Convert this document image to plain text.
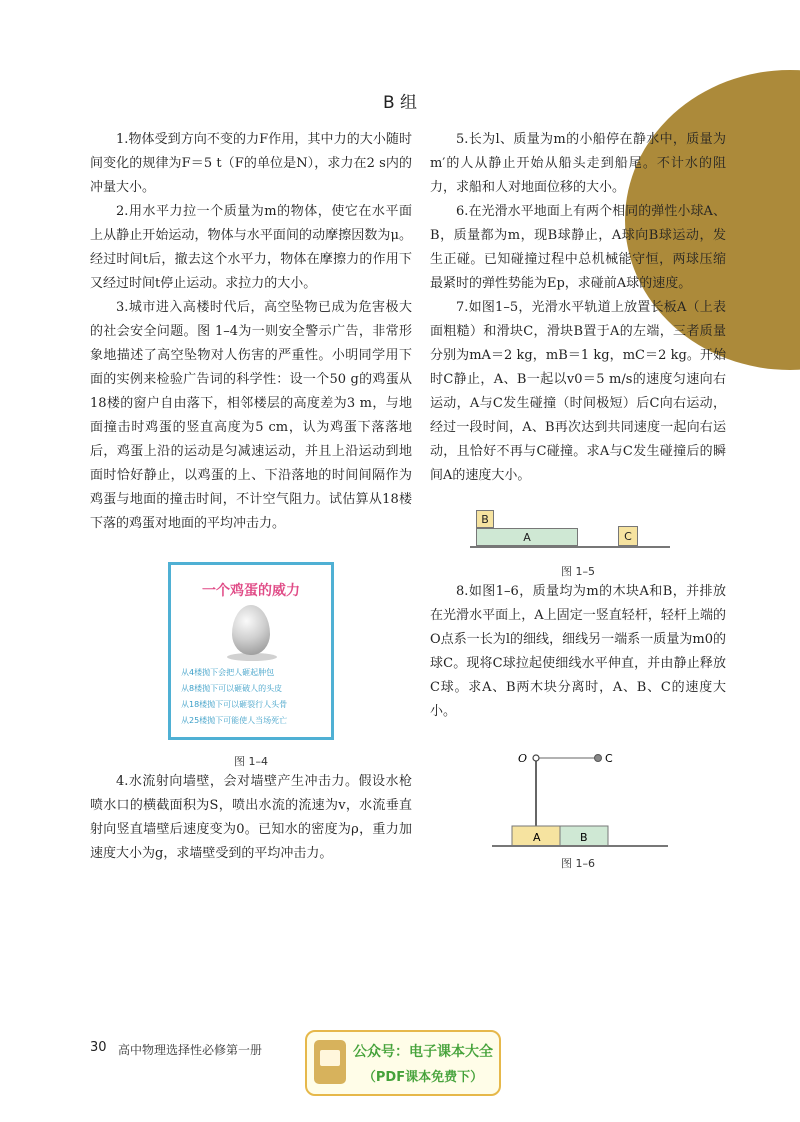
B 组

1.物体受到方向不变的力F作用，其中力的大小随时间变化的规律为F＝5 t（F的单位是N），求力在2 s内的冲量大小。

2.用水平力拉一个质量为m的物体，使它在水平面上从静止开始运动，物体与水平面间的动摩擦因数为μ。经过时间t后，撤去这个水平力，物体在摩擦力的作用下又经过时间t停止运动。求拉力的大小。

3.城市进入高楼时代后，高空坠物已成为危害极大的社会安全问题。图 1–4为一则安全警示广告，非常形象地描述了高空坠物对人伤害的严重性。小明同学用下面的实例来检验广告词的科学性：设一个50 g的鸡蛋从18楼的窗户自由落下，相邻楼层的高度差为3 m，与地面撞击时鸡蛋的竖直高度为5 cm，认为鸡蛋下落落地后，鸡蛋上沿的运动是匀减速运动，并且上沿运动到地面时恰好静止，以鸡蛋的上、下沿落地的时间间隔作为鸡蛋与地面的撞击时间，不计空气阻力。试估算从18楼下落的鸡蛋对地面的平均冲击力。

一个鸡蛋的威力
从4楼抛下会把人砸起肿包
从8楼抛下可以砸破人的头皮
从18楼抛下可以砸裂行人头骨
从25楼抛下可能使人当场死亡
图 1–4

4.水流射向墙壁，会对墙壁产生冲击力。假设水枪喷水口的横截面积为S，喷出水流的流速为v，水流垂直射向竖直墙壁后速度变为0。已知水的密度为ρ，重力加速度大小为g，求墙壁受到的平均冲击力。

5.长为l、质量为m的小船停在静水中，质量为m′的人从静止开始从船头走到船尾。不计水的阻力，求船和人对地面位移的大小。

6.在光滑水平地面上有两个相同的弹性小球A、B，质量都为m，现B球静止，A球向B球运动，发生正碰。已知碰撞过程中总机械能守恒，两球压缩最紧时的弹性势能为Ep，求碰前A球的速度。

7.如图1–5，光滑水平轨道上放置长板A（上表面粗糙）和滑块C，滑块B置于A的左端，三者质量分别为mA＝2 kg，mB＝1 kg，mC＝2 kg。开始时C静止，A、B一起以v0＝5 m/s的速度匀速向右运动，A与C发生碰撞（时间极短）后C向右运动，经过一段时间，A、B再次达到共同速度一起向右运动，且恰好不再与C碰撞。求A与C发生碰撞后的瞬间A的速度大小。

B
A	C
图 1–5

8.如图1–6，质量均为m的木块A和B，并排放在光滑水平面上，A上固定一竖直轻杆，轻杆上端的O点系一长为l的细线，细线另一端系一质量为m0的球C。现将C球拉起使细线水平伸直，并由静止释放C球。求A、B两木块分离时，A、B、C的速度大小。

O	C
A	B
图 1–6
30 高中物理选择性必修第一册	公众号：电子课本大全
（PDF课本免费下）
